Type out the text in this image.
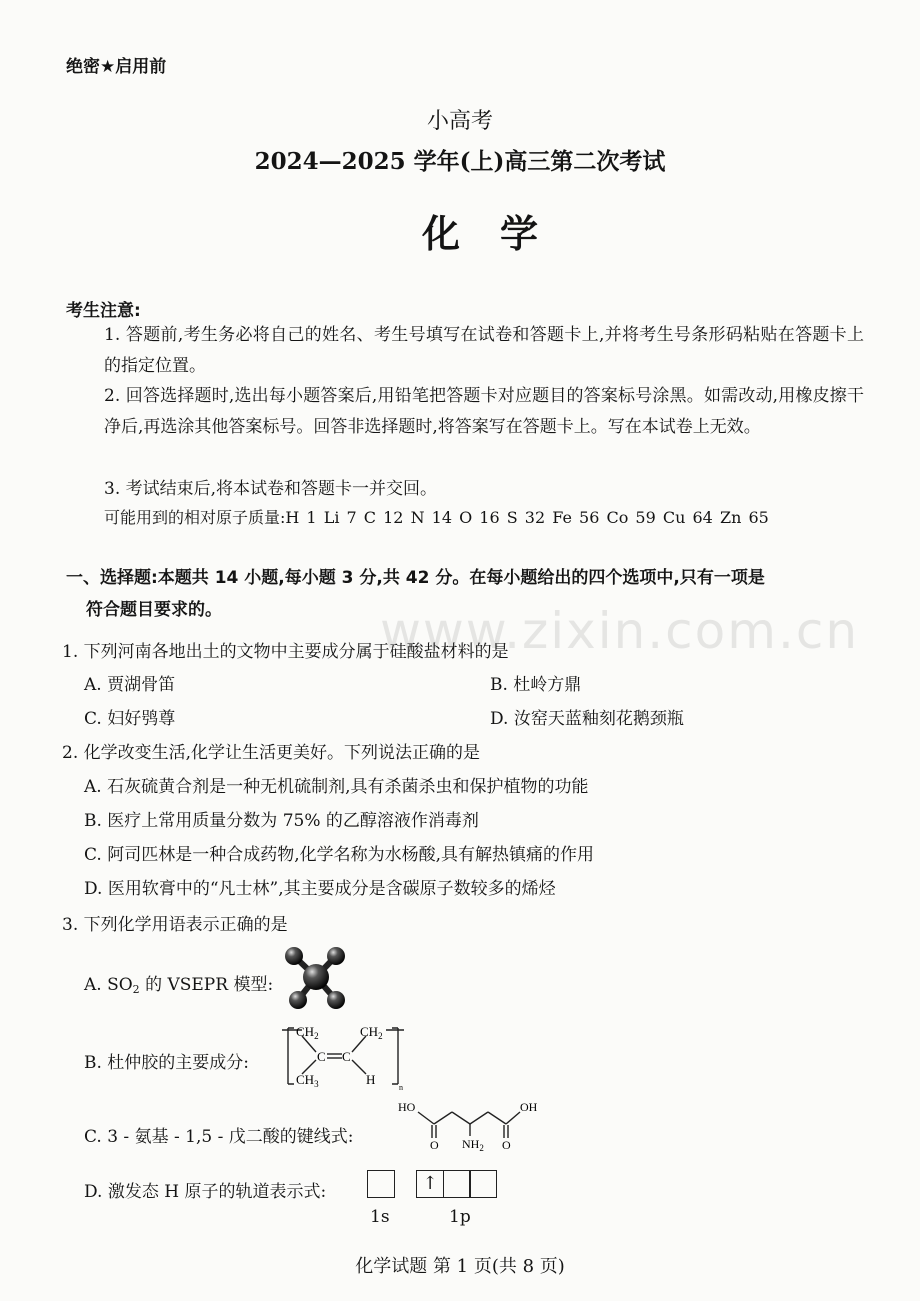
绝密★启用前
小高考
2024—2025 学年(上)高三第二次考试
化学
考生注意:
1. 答题前,考生务必将自己的姓名、考生号填写在试卷和答题卡上,并将考生号条形码粘贴在答题卡上的指定位置。
2. 回答选择题时,选出每小题答案后,用铅笔把答题卡对应题目的答案标号涂黑。如需改动,用橡皮擦干净后,再选涂其他答案标号。回答非选择题时,将答案写在答题卡上。写在本试卷上无效。
3. 考试结束后,将本试卷和答题卡一并交回。
可能用到的相对原子质量:H 1 Li 7 C 12 N 14 O 16 S 32 Fe 56 Co 59 Cu 64 Zn 65
一、选择题:本题共 14 小题,每小题 3 分,共 42 分。在每小题给出的四个选项中,只有一项是
符合题目要求的。	www.zixin.com.cn
1. 下列河南各地出土的文物中主要成分属于硅酸盐材料的是
A. 贾湖骨笛	B. 杜岭方鼎
C. 妇好鸮尊	D. 汝窑天蓝釉刻花鹅颈瓶
2. 化学改变生活,化学让生活更美好。下列说法正确的是
A. 石灰硫黄合剂是一种无机硫制剂,具有杀菌杀虫和保护植物的功能
B. 医疗上常用质量分数为 75% 的乙醇溶液作消毒剂
C. 阿司匹林是一种合成药物,化学名称为水杨酸,具有解热镇痛的作用
D. 医用软膏中的“凡士林”,其主要成分是含碳原子数较多的烯烃
3. 下列化学用语表示正确的是
A. $SO_2$ 的 VSEPR 模型:
B. 杜仲胶的主要成分:
$CH_2$	$CH_2$
$CH_3$
C C
H
n
C. 3 - 氨基 - 1,5 - 戊二酸的键线式:
HO	OH
O	O
$NH_2$
D. 激发态 H 原子的轨道表示式:	↑
1s	1p
化学试题 第 1 页(共 8 页)
